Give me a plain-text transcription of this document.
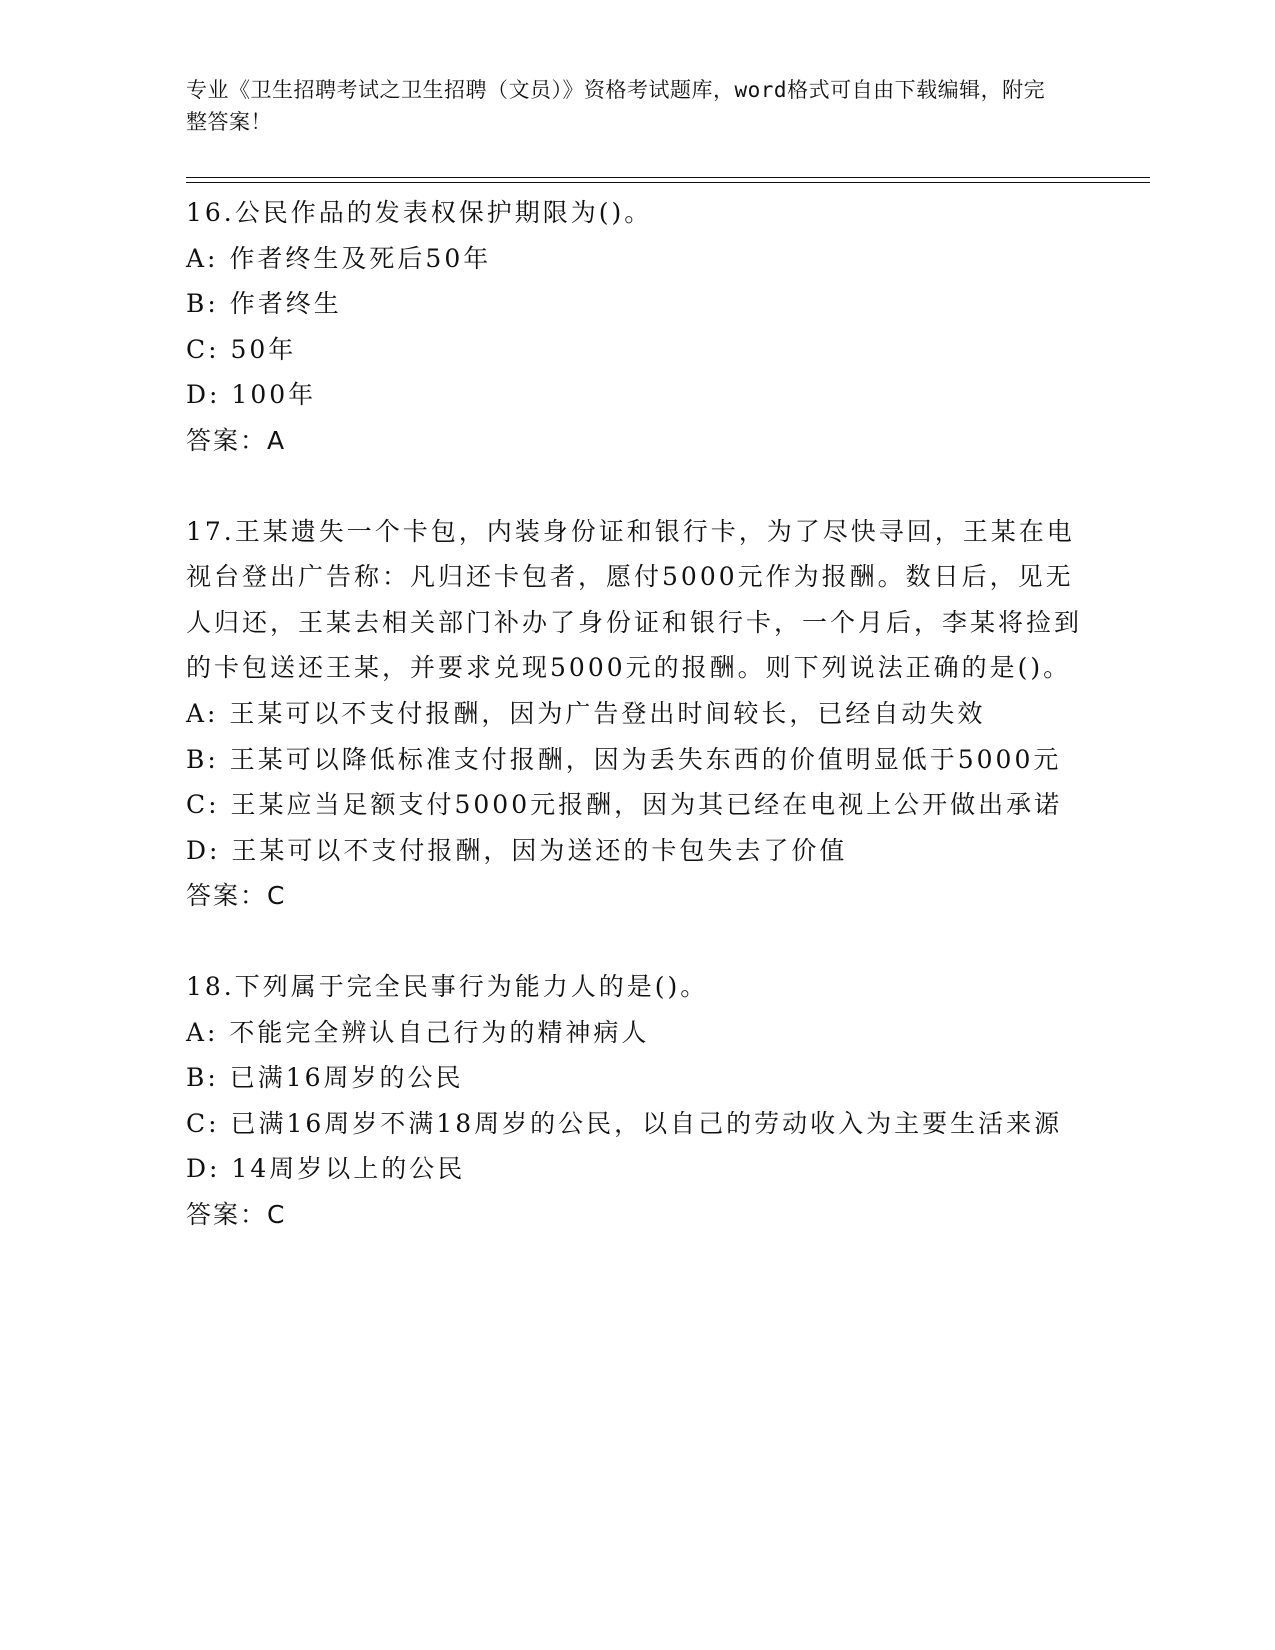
专业《卫生招聘考试之卫生招聘（文员）》资格考试题库，word格式可自由下载编辑，附完整答案！
16.公民作品的发表权保护期限为()。
A: 作者终生及死后50年
B: 作者终生
C: 50年
D: 100年
答案：A
17.王某遗失一个卡包，内装身份证和银行卡，为了尽快寻回，王某在电视台登出广告称：凡归还卡包者，愿付5000元作为报酬。数日后，见无人归还，王某去相关部门补办了身份证和银行卡，一个月后，李某将捡到的卡包送还王某，并要求兑现5000元的报酬。则下列说法正确的是()。
A: 王某可以不支付报酬，因为广告登出时间较长，已经自动失效
B: 王某可以降低标准支付报酬，因为丢失东西的价值明显低于5000元
C: 王某应当足额支付5000元报酬，因为其已经在电视上公开做出承诺
D: 王某可以不支付报酬，因为送还的卡包失去了价值
答案：C
18.下列属于完全民事行为能力人的是()。
A: 不能完全辨认自己行为的精神病人
B: 已满16周岁的公民
C: 已满16周岁不满18周岁的公民，以自己的劳动收入为主要生活来源
D: 14周岁以上的公民
答案：C
